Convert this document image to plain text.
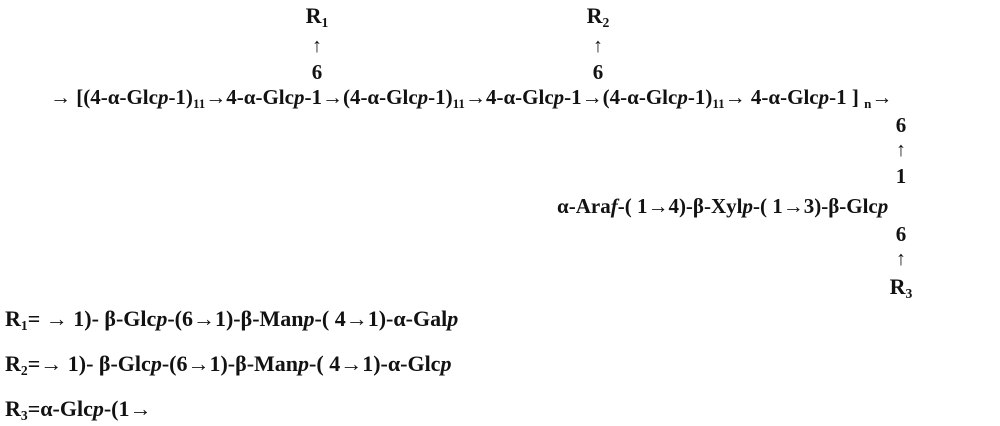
R1
↑
6
R2
↑
6
→ [(4-α-Glcp-1)11→4-α-Glcp-1→(4-α-Glcp-1)11→4-α-Glcp-1→(4-α-Glcp-1)11→ 4-α-Glcp-1 ] n→
6
↑
1
α-Araf-( 1→4)-β-Xylp-( 1→3)-β-Glcp
6
↑
R3
R1= → 1)- β-Glcp-(6→1)-β-Manp-( 4→1)-α-Galp
R2=→ 1)- β-Glcp-(6→1)-β-Manp-( 4→1)-α-Glcp
R3=α-Glcp-(1→
